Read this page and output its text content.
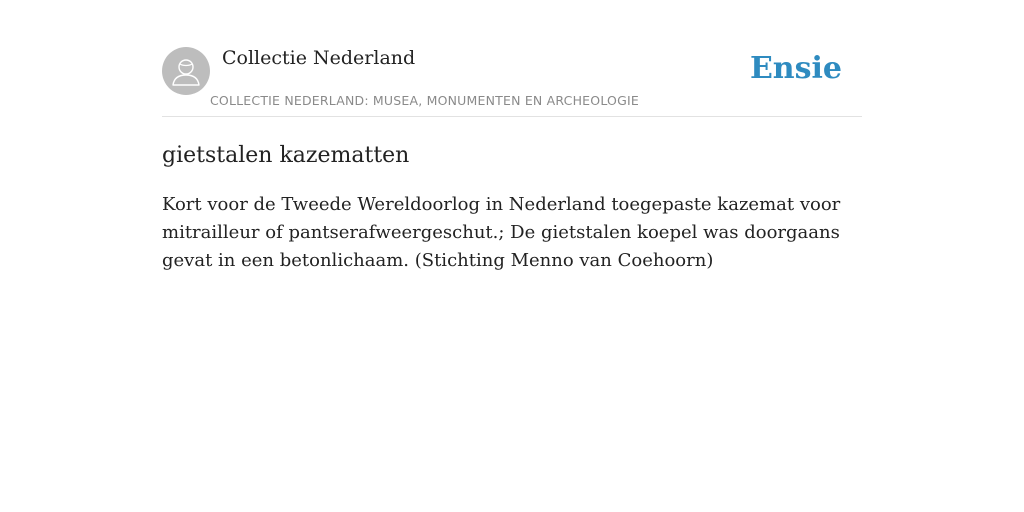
Collectie Nederland
COLLECTIE NEDERLAND: MUSEA, MONUMENTEN EN ARCHEOLOGIE
Ensie
gietstalen kazematten

Kort voor de Tweede Wereldoorlog in Nederland toegepaste kazemat voor mitrailleur of pantserafweergeschut.; De gietstalen koepel was doorgaans gevat in een betonlichaam. (Stichting Menno van Coehoorn)
